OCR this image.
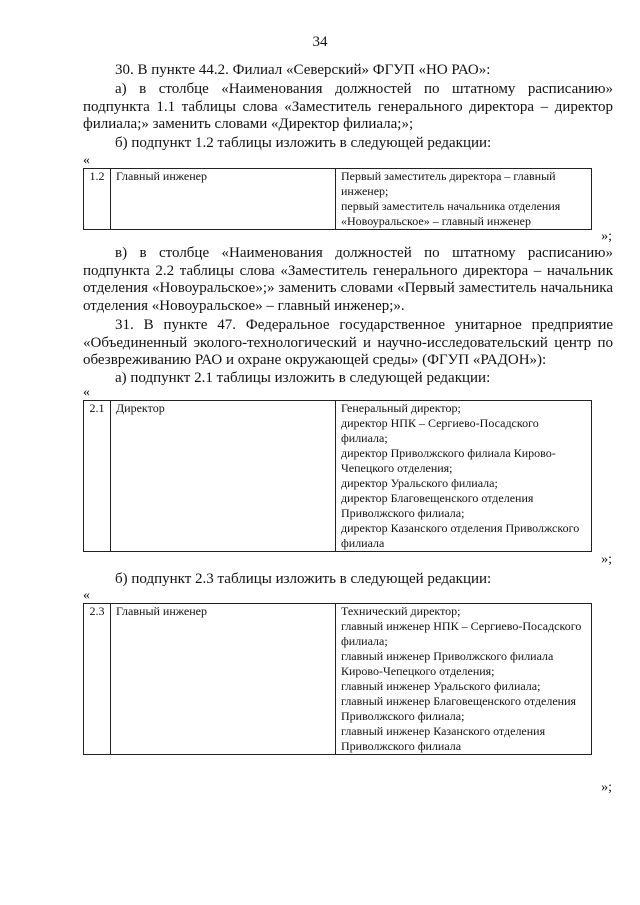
34

30. В пункте 44.2. Филиал «Северский» ФГУП «НО РАО»:

а) в столбце «Наименования должностей по штатному расписанию» подпункта 1.1 таблицы слова «Заместитель генерального директора – директор филиала;» заменить словами «Директор филиала;»;

б) подпункт 1.2 таблицы изложить в следующей редакции:

«
1.2	Главный инженер	Первый заместитель директора – главный инженер;
первый заместитель начальника отделения «Новоуральское» – главный инженер
»;

в) в столбце «Наименования должностей по штатному расписанию» подпункта 2.2 таблицы слова «Заместитель генерального директора – начальник отделения «Новоуральское»;» заменить словами «Первый заместитель начальника отделения «Новоуральское» – главный инженер;».

31. В пункте 47. Федеральное государственное унитарное предприятие «Объединенный эколого-технологический и научно-исследовательский центр по обезвреживанию РАО и охране окружающей среды» (ФГУП «РАДОН»):

а) подпункт 2.1 таблицы изложить в следующей редакции:

«
2.1	Директор	Генеральный директор;
директор НПК – Сергиево-Посадского филиала;
директор Приволжского филиала Кирово-Чепецкого отделения;
директор Уральского филиала;
директор Благовещенского отделения Приволжского филиала;
директор Казанского отделения Приволжского филиала
»;

б) подпункт 2.3 таблицы изложить в следующей редакции:

«
2.3	Главный инженер	Технический директор;
главный инженер НПК – Сергиево-Посадского филиала;
главный инженер Приволжского филиала Кирово-Чепецкого отделения;
главный инженер Уральского филиала;
главный инженер Благовещенского отделения Приволжского филиала;
главный инженер Казанского отделения Приволжского филиала
»;
